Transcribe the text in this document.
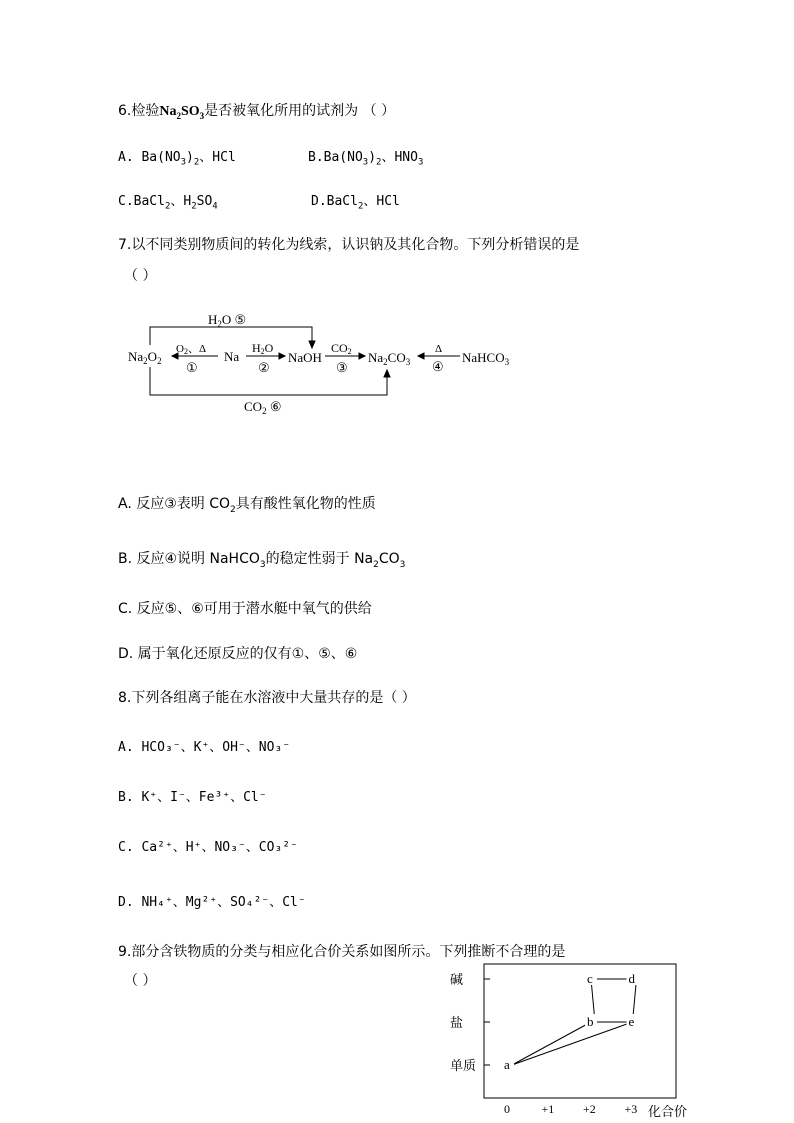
6.检验$Na_2SO_3$是否被氧化所用的试剂为 （ ）
A. $Ba(NO_3)_2$、HCl	$B.Ba(NO_3)_2$、$HNO_3$
C.BaCl$_2$、$H_2SO_4$	D.BaCl$_2$、HCl
7.以不同类别物质间的转化为线索，认识钠及其化合物。下列分析错误的是
（ ）
$Na_2O_2$	Na	NaOH	$Na_2CO_3$	NaHCO$_3$
$H_2O$ ⑤
$CO_2$ ⑥
O2、Δ
①
H2O
②
CO2
③
Δ
④
A. 反应③表明 $CO_2$具有酸性氧化物的性质
B. 反应④说明 NaHCO$_3$的稳定性弱于 $Na_2CO_3$
C. 反应⑤、⑥可用于潜水艇中氧气的供给
D. 属于氧化还原反应的仅有①、⑤、⑥
8.下列各组离子能在水溶液中大量共存的是（ ）
A. HCO₃⁻、K⁺、OH⁻、NO₃⁻
B. K⁺、I⁻、Fe³⁺、Cl⁻
C. Ca²⁺、H⁺、NO₃⁻、CO₃²⁻
D. NH₄⁺、Mg²⁺、SO₄²⁻、Cl⁻
9.部分含铁物质的分类与相应化合价关系如图所示。下列推断不合理的是
（ ）
单质
盐
碱
0	+1 +2 +3
a
b
c	d
e
化合价
